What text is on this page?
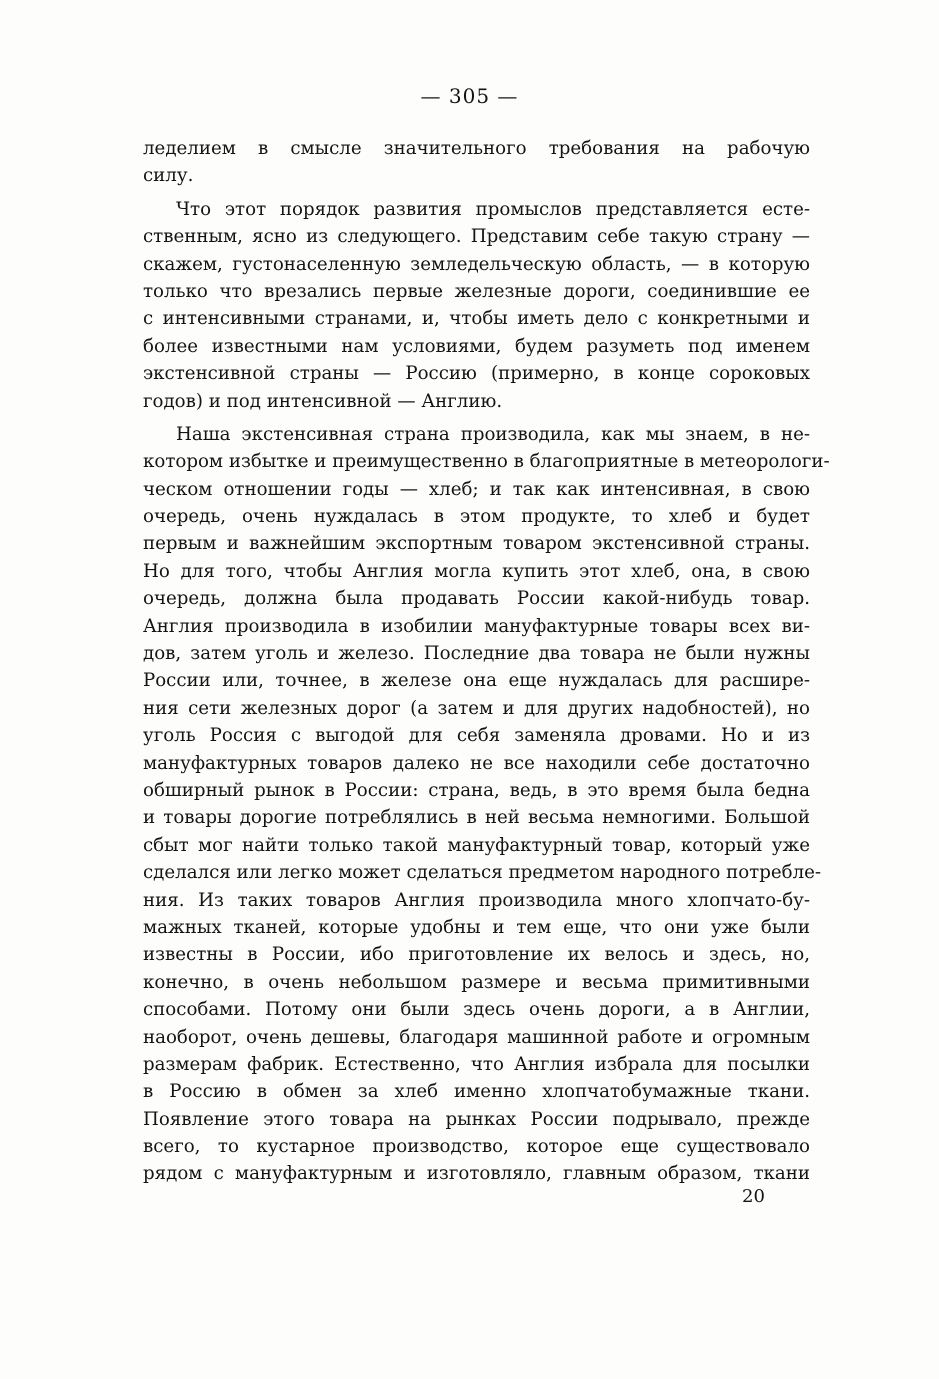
— 305 —
леделием в смысле значительного требования на рабочую
силу.
Что этот порядок развития промыслов представляется есте-
ственным, ясно из следующего. Представим себе такую страну —
скажем, густонаселенную земледельческую область, — в которую
только что врезались первые железные дороги, соединившие ее
с интенсивными странами, и, чтобы иметь дело с конкретными и
более известными нам условиями, будем разуметь под именем
экстенсивной страны — Россию (примерно, в конце сороковых
годов) и под интенсивной — Англию.
Наша экстенсивная страна производила, как мы знаем, в не-
котором избытке и преимущественно в благоприятные в метеорологи-
ческом отношении годы — хлеб; и так как интенсивная, в свою
очередь, очень нуждалась в этом продукте, то хлеб и будет
первым и важнейшим экспортным товаром экстенсивной страны.
Но для того, чтобы Англия могла купить этот хлеб, она, в свою
очередь, должна была продавать России какой-нибудь товар.
Англия производила в изобилии мануфактурные товары всех ви-
дов, затем уголь и железо. Последние два товара не были нужны
России или, точнее, в железе она еще нуждалась для расшире-
ния сети железных дорог (а затем и для других надобностей), но
уголь Россия с выгодой для себя заменяла дровами. Но и из
мануфактурных товаров далеко не все находили себе достаточно
обширный рынок в России: страна, ведь, в это время была бедна
и товары дорогие потреблялись в ней весьма немногими. Большой
сбыт мог найти только такой мануфактурный товар, который уже
сделался или легко может сделаться предметом народного потребле-
ния. Из таких товаров Англия производила много хлопчато-бу-
мажных тканей, которые удобны и тем еще, что они уже были
известны в России, ибо приготовление их велось и здесь, но,
конечно, в очень небольшом размере и весьма примитивными
способами. Потому они были здесь очень дороги, а в Англии,
наоборот, очень дешевы, благодаря машинной работе и огромным
размерам фабрик. Естественно, что Англия избрала для посылки
в Россию в обмен за хлеб именно хлопчатобумажные ткани.
Появление этого товара на рынках России подрывало, прежде
всего, то кустарное производство, которое еще существовало
рядом с мануфактурным и изготовляло, главным образом, ткани
20
